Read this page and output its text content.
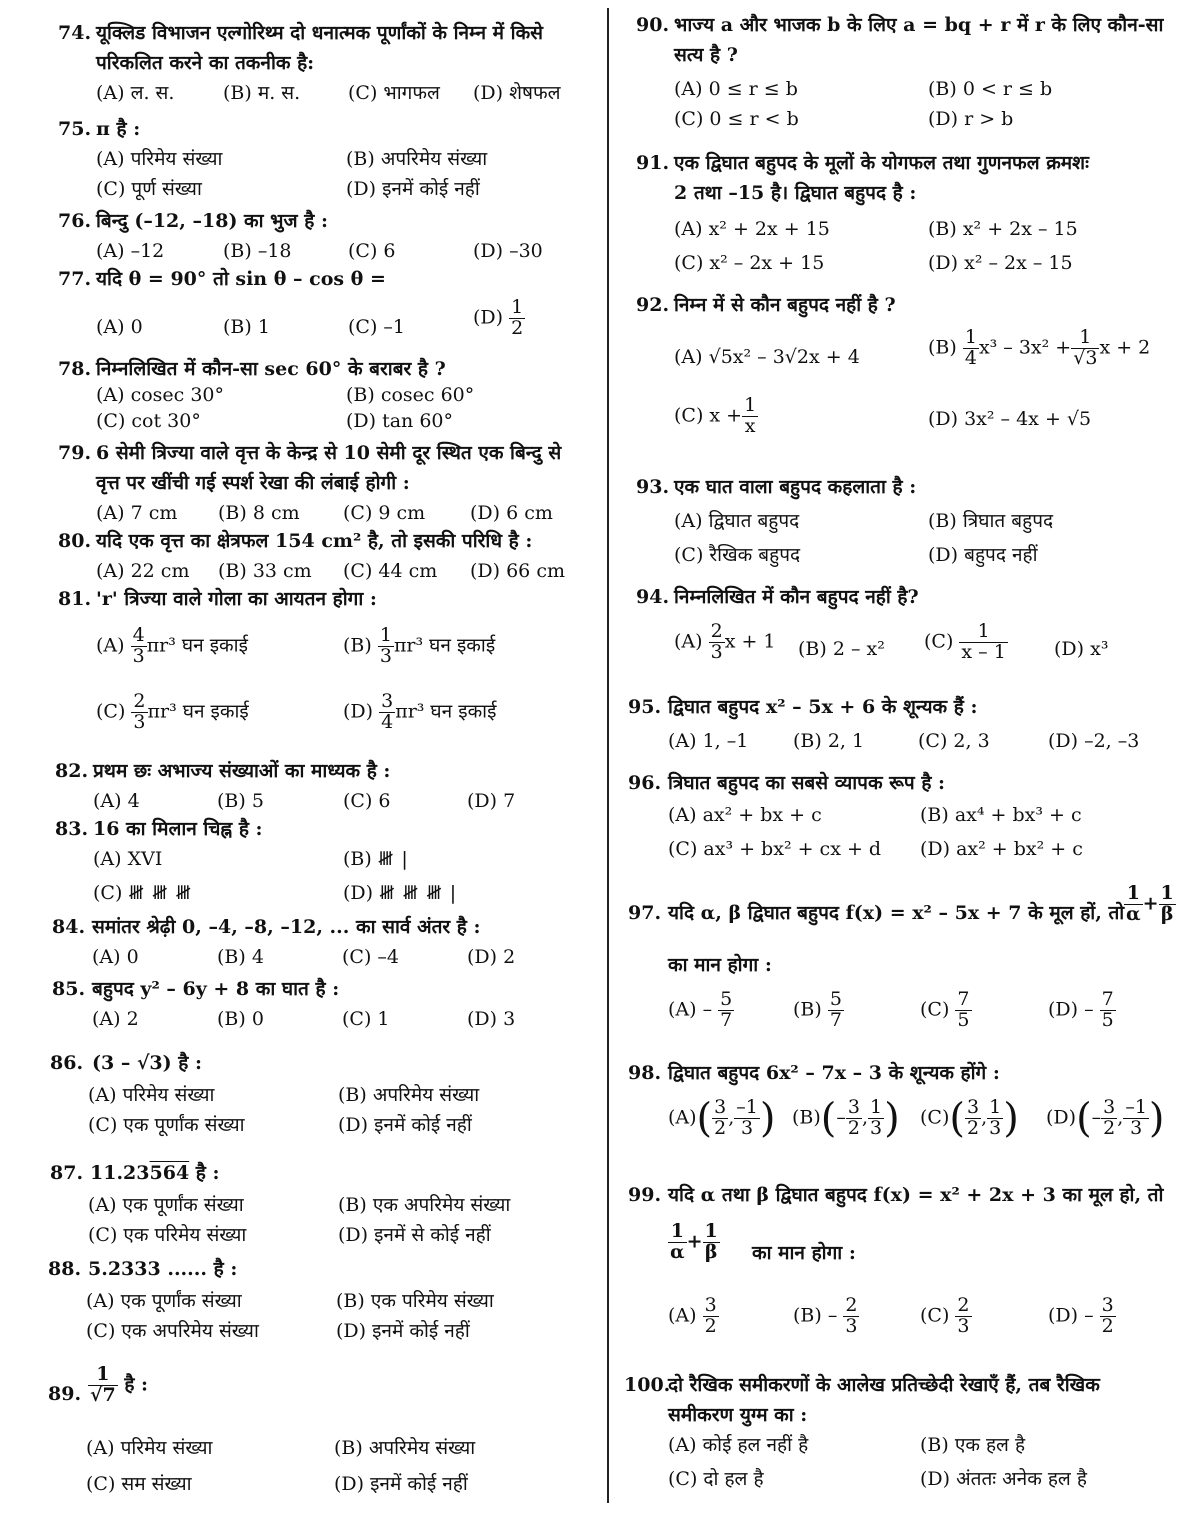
74. यूक्लिड विभाजन एल्गोरिथ्म दो धनात्मक पूर्णांकों के निम्न में किसे
परिकलित करने का तकनीक है:
(A) ल. स.	(B) म. स.	(C) भागफल (D) शेषफल
75. π है :
(A) परिमेय संख्या	(B) अपरिमेय संख्या
(C) पूर्ण संख्या	(D) इनमें कोई नहीं
76. बिन्दु (–12, –18) का भुज है :
(A) –12	(B) –18	(C) 6	(D) –30
77. यदि θ = 90° तो sin θ – cos θ =
(A) 0	(B) 1	(C) –1	$(D) \frac{1}{2}$
78. निम्नलिखित में कौन-सा sec 60° के बराबर है ?
(A) cosec 30°	(B) cosec 60°
(C) cot 30°	(D) tan 60°
79. 6 सेमी त्रिज्या वाले वृत्त के केन्द्र से 10 सेमी दूर स्थित एक बिन्दु से
वृत्त पर खींची गई स्पर्श रेखा की लंबाई होगी :
(A) 7 cm (B) 8 cm (C) 9 cm (D) 6 cm
80. यदि एक वृत्त का क्षेत्रफल 154 cm² है, तो इसकी परिधि है :
(A) 22 cm (B) 33 cm (C) 44 cm (D) 66 cm
81. 'r' त्रिज्या वाले गोला का आयतन होगा :
$(A) \frac{4}{3} \pi r^3$ घन इकाई	$(B) \frac{1}{3} \pi r^3$ घन इकाई
$(C) \frac{2}{3} \pi r^3$ घन इकाई	$(D) \frac{3}{4} \pi r^3$ घन इकाई
82. प्रथम छः अभाज्य संख्याओं का माध्यक है :
(A) 4	(B) 5	(C) 6	(D) 7
83. 16 का मिलान चिह्न है :
(A) XVI	(B) 𝍸 |
(C) 𝍸 𝍸 𝍸	(D) 𝍸 𝍸 𝍸 |
84. समांतर श्रेढ़ी 0, –4, –8, –12, ... का सार्व अंतर है :
(A) 0	(B) 4	(C) –4	(D) 2
85. बहुपद y² – 6y + 8 का घात है :
(A) 2	(B) 0	(C) 1	(D) 3
86. (3 – √3) है :
(A) परिमेय संख्या	(B) अपरिमेय संख्या
(C) एक पूर्णांक संख्या	(D) इनमें कोई नहीं
87. 11.23564 है :
(A) एक पूर्णांक संख्या	(B) एक अपरिमेय संख्या
(C) एक परिमेय संख्या	(D) इनमें से कोई नहीं
88. 5.2333 ...... है :
(A) एक पूर्णांक संख्या	(B) एक परिमेय संख्या
(C) एक अपरिमेय संख्या	(D) इनमें कोई नहीं
89. $\frac{1}{√7}$ है :
(A) परिमेय संख्या	(B) अपरिमेय संख्या
(C) सम संख्या	(D) इनमें कोई नहीं
90. भाज्य a और भाजक b के लिए a = bq + r में r के लिए कौन-सा
सत्य है ?
(A) 0 ≤ r ≤ b	(B) 0 < r ≤ b
(C) 0 ≤ r < b	(D) r > b
91. एक द्विघात बहुपद के मूलों के योगफल तथा गुणनफल क्रमशः
2 तथा –15 है। द्विघात बहुपद है :
(A) x² + 2x + 15	(B) x² + 2x – 15
(C) x² – 2x + 15	(D) x² – 2x – 15
92. निम्न में से कौन बहुपद नहीं है ?
(A) √5x² – 3√2x + 4	$(B) \frac{1}{4} x^3 - 3x^2 + \frac{1}{√3}$ x + 2
(C) $x + \frac{1}{x}$	(D) 3x² – 4x + √5
93. एक घात वाला बहुपद कहलाता है :
(A) द्विघात बहुपद	(B) त्रिघात बहुपद
(C) रैखिक बहुपद	(D) बहुपद नहीं
94. निम्नलिखित में कौन बहुपद नहीं है?
$(A) \frac{2}{3}$ x + 1 (B) 2 – x² $(C) \frac{1}{x - 1} (D)$ x³
95. द्विघात बहुपद x² – 5x + 6 के शून्यक हैं :
(A) 1, –1 (B) 2, 1	(C) 2, 3	(D) –2, –3
96. त्रिघात बहुपद का सबसे व्यापक रूप है :
(A) ax² + bx + c	(B) ax⁴ + bx³ + c
(C) ax³ + bx² + cx + d (D) ax² + bx² + c
97. यदि α, β द्विघात बहुपद f(x) = x² – 5x + 7 के मूल हों, तो $\frac{1}{\alpha} + \frac{1}{\beta}$
का मान होगा :
$(A) - \frac{5}{7}$	$(B) \frac{5}{7}$	$(C) \frac{7}{5}$	$(D) - \frac{7}{5}$
98. द्विघात बहुपद 6x² – 7x – 3 के शून्यक होंगे :
$(A)( \frac{3}{2}$ , $\frac{-1}{3}$ ) $(B)(- \frac{3}{2}$ , $\frac{1}{3}$ ) $(C)( \frac{3}{2}$ , $\frac{1}{3}$ ) $(D)(- \frac{3}{2}$ , $\frac{-1}{3}$ )
99. यदि α तथा β द्विघात बहुपद f(x) = x² + 2x + 3 का मूल हो, तो
$\frac{1}{\alpha} + \frac{1}{\beta}$ का मान होगा :
$(A) \frac{3}{2}$	$(B) - \frac{2}{3}$	$(C) \frac{2}{3}$	$(D) - \frac{3}{2}$
100.
दो रैखिक समीकरणों के आलेख प्रतिच्छेदी रेखाएँ हैं, तब रैखिक
समीकरण युग्म का :
(A) कोई हल नहीं है	(B) एक हल है
(C) दो हल है	(D) अंततः अनेक हल है
